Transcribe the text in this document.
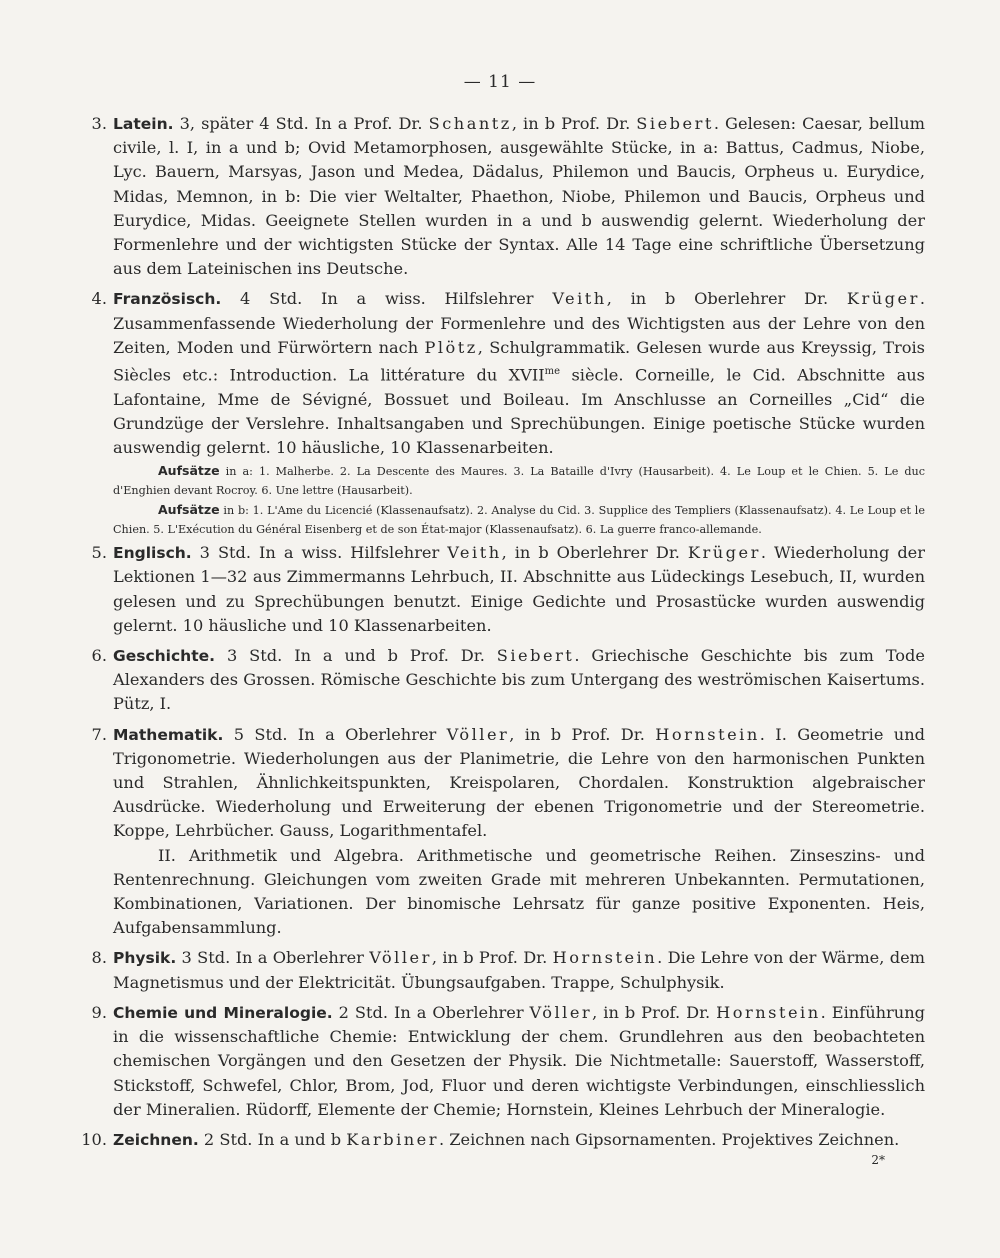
— 11 —
3. Latein. 3, später 4 Std. In a Prof. Dr. Schantz, in b Prof. Dr. Siebert. Gelesen: Caesar, bellum civile, l. I, in a und b; Ovid Metamorphosen, ausgewählte Stücke, in a: Battus, Cadmus, Niobe, Lyc. Bauern, Marsyas, Jason und Medea, Dädalus, Philemon und Baucis, Orpheus u. Eurydice, Midas, Memnon, in b: Die vier Weltalter, Phaethon, Niobe, Philemon und Baucis, Orpheus und Eurydice, Midas. Geeignete Stellen wurden in a und b auswendig gelernt. Wiederholung der Formenlehre und der wichtigsten Stücke der Syntax. Alle 14 Tage eine schriftliche Übersetzung aus dem Lateinischen ins Deutsche.
4. Französisch. 4 Std. In a wiss. Hilfslehrer Veith, in b Oberlehrer Dr. Krüger. Zusammenfassende Wiederholung der Formenlehre und des Wichtigsten aus der Lehre von den Zeiten, Moden und Fürwörtern nach Plötz, Schulgrammatik. Gelesen wurde aus Kreyssig, Trois Siècles etc.: Introduction. La littérature du $XVII^{me}$ siècle. Corneille, le Cid. Abschnitte aus Lafontaine, Mme de Sévigné, Bossuet und Boileau. Im Anschlusse an Corneilles „Cid“ die Grundzüge der Verslehre. Inhaltsangaben und Sprechübungen. Einige poetische Stücke wurden auswendig gelernt. 10 häusliche, 10 Klassenarbeiten.
Aufsätze in a: 1. Malherbe. 2. La Descente des Maures. 3. La Bataille d'Ivry (Hausarbeit). 4. Le Loup et le Chien. 5. Le duc d'Enghien devant Rocroy. 6. Une lettre (Hausarbeit).
Aufsätze in b: 1. L'Ame du Licencié (Klassenaufsatz). 2. Analyse du Cid. 3. Supplice des Templiers (Klassenaufsatz). 4. Le Loup et le Chien. 5. L'Exécution du Général Eisenberg et de son État-major (Klassenaufsatz). 6. La guerre franco-allemande.
5. Englisch. 3 Std. In a wiss. Hilfslehrer Veith, in b Oberlehrer Dr. Krüger. Wiederholung der Lektionen 1—32 aus Zimmermanns Lehrbuch, II. Abschnitte aus Lüdeckings Lesebuch, II, wurden gelesen und zu Sprechübungen benutzt. Einige Gedichte und Prosastücke wurden auswendig gelernt. 10 häusliche und 10 Klassenarbeiten.
6. Geschichte. 3 Std. In a und b Prof. Dr. Siebert. Griechische Geschichte bis zum Tode Alexanders des Grossen. Römische Geschichte bis zum Untergang des weströmischen Kaisertums. Pütz, I.
7. Mathematik. 5 Std. In a Oberlehrer Völler, in b Prof. Dr. Hornstein. I. Geometrie und Trigonometrie. Wiederholungen aus der Planimetrie, die Lehre von den harmonischen Punkten und Strahlen, Ähnlichkeitspunkten, Kreispolaren, Chordalen. Konstruktion algebraischer Ausdrücke. Wiederholung und Erweiterung der ebenen Trigonometrie und der Stereometrie. Koppe, Lehrbücher. Gauss, Logarithmentafel.
II. Arithmetik und Algebra. Arithmetische und geometrische Reihen. Zinseszins- und Rentenrechnung. Gleichungen vom zweiten Grade mit mehreren Unbekannten. Permutationen, Kombinationen, Variationen. Der binomische Lehrsatz für ganze positive Exponenten. Heis, Aufgabensammlung.
8. Physik. 3 Std. In a Oberlehrer Völler, in b Prof. Dr. Hornstein. Die Lehre von der Wärme, dem Magnetismus und der Elektricität. Übungsaufgaben. Trappe, Schulphysik.
9. Chemie und Mineralogie. 2 Std. In a Oberlehrer Völler, in b Prof. Dr. Hornstein. Einführung in die wissenschaftliche Chemie: Entwicklung der chem. Grundlehren aus den beobachteten chemischen Vorgängen und den Gesetzen der Physik. Die Nichtmetalle: Sauerstoff, Wasserstoff, Stickstoff, Schwefel, Chlor, Brom, Jod, Fluor und deren wichtigste Verbindungen, einschliesslich der Mineralien. Rüdorff, Elemente der Chemie; Hornstein, Kleines Lehrbuch der Mineralogie.
10. Zeichnen. 2 Std. In a und b Karbiner. Zeichnen nach Gipsornamenten. Projektives Zeichnen.
2*
